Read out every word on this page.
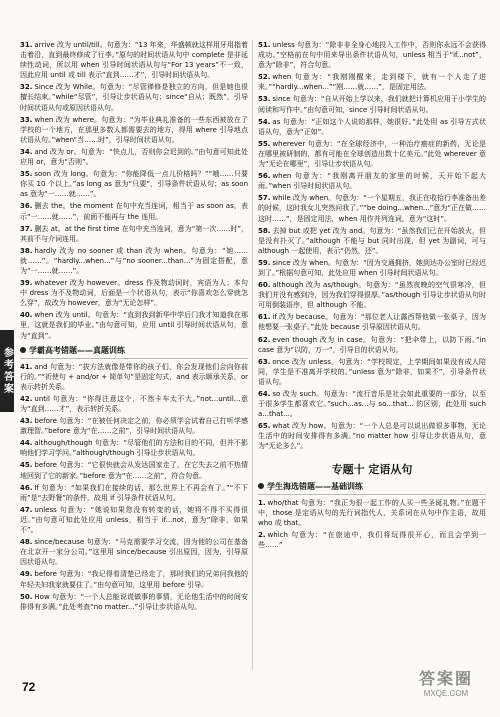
参考答案

31. arrive 改为 until/till。句意为：“13 年来，华盛顿就这样用牙用指着击着沿，直到最终修成了行李。”原句的时间状语从句中 complete 是非延续性动词，所以用 when 引导时间状语从句与“For 13 years”不一致，因此应用 until 或 till 表示“直到……才”，引导时间状语从句。

32. Since 改为 While。句意为：“尽管禅修是独立的方向，但是她也很擅长结束。”while“尽管”，引导让步状语从句；since“自从；既然”，引导时间状语从句或原因状语从句。

33. when 改为 where。句意为：“为毕业典礼准备的一些东西被放在了学校的一个地方，在那里多数人都需要去的地方，得用 where 引导地点状语从句。”when“当……时”，引导时间状语从句。

34. and 改为 or。句意为：“快点儿，否则你会迟到的。”由句意可知此处应用 or，意为“否则”。

35. soon 改为 long。句意为：“你能降低一点儿价格吗？”“哦……只要你买 10 个以上。”as long as 意为“只要”，引导条件状语从句；as soon as 意为“一……就……”。

36. 删去 the。the moment 在句中充当连词，相当于 as soon as，表示“一……就……”，前面不能再与 the 连用。

37. 删去 at。at the first time 在句中充当连词，意为“第一次……时”，其前不与介词连用。

38. hardly 改为 no sooner 或 than 改为 when。句意为：“她……就……”。“hardly...when...”与“no sooner...than...”为固定搭配，意为“一……就……”。

39. whatever 改为 however。dress 作及物动词时，宾语为人；本句中 dress 为不及物动词，后面是一个状语从句，表示“你喜欢怎么穿就怎么穿”，故改为 however，意为“无论怎样”。

40. when 改为 until。句意为：“直到我到新华中学后门我才知道我在那里，这就是我们的毕业。”由句意可知，应用 until 引导时间状语从句，意为“直到”。

学霸高考错题——真题训练

41. and 句意为：“拔方法就像是带你的孩子们，你会发现他们会向你前行的。”“祈使句 + and/or + 简单句”是固定句式，and 表示顺承关系，or 表示转折关系。

42. until 句意为：“你得注意这个，不然卡车太不大。”not...until...意为“直到……才”，表示转折关系。

43. before 句意为：“在被任何决定之前，你必须学会试着自己打听学感激理智。”before 意为“在……之前”，引导时间状语从句。

44. although/though 句意为：“尽管他们的方法和目的不同，但并不影响他们学习学问。”although/though 引导让步状语从句。

45. before 句意为：“它很快就会从发达国家走了，在它失去之前不热情地回到了它的新家。”before 意为“在……之前”，符合句意。

46. If 句意为：“如果我们在接续的话，那么世界上不再会有了。”“不下雨”是“去野餐”的条件，故用 if 引导条件状语从句。

47. unless 句意为：“她说如果您没有转变的话，她将不得不买得很迟。”由句意可知此处应用 unless，相当于 if...not，意为“除非，如果不”。

48. since/because 句意为：“马克需要学习交流，因为他的公司在基备在北京开一家分公司。”这里用 since/because 引出原因，因为，引导原因状语从句。

49. before 句意为：“我记得看清楚已经走了，那时我们的兄弟问我他的年轻夫妇我家就要住了。”由句意可知，这里用 before 引导。

50. How 句意为：“一个人总能说谎做事的事情，无论他生活中的时间安排得有多满。”此处考查“no matter...”引导让步状语从句。

51. unless 句意为：“除非非全身心地投入工作中，否则你永远不会获得成功。”空格前在句中用来导出条件状语从句，unless 相当于“if...not”，意为“除非”，符合句意。

52. when 句意为：“我刚刚醒来，走到楼下，就有一个人走了进来。”“hardly...when...”“刚……就……”，是固定用法。

53. since 句意为：“自从开始上学以来，我们就把计算机应用于小学生的阅读和写作中。”由句意可知，since 引导时间状语从句。

54. as 句意为：“正如这个人说的那样，她很好。”此处用 as 引导方式状语从句，意为“正如”。

55. wherever 句意为：“在全球经济中，一种治疗癌症的新药，无论是在哪里被研制的，都有可能在全球创造出数十亿美元。”此处 wherever 意为“无论在哪里”，引导让步状语从句。

56. when 句意为：“我刚离开朋友的家里的时候，天开始下起大雨。”when 引导时间状语从句。

57. while 改为 when。句意为：“一个星期五，我正在收拾行李准备出差的时候，这时我女儿突然问我了。”“be doing...when...”意为“正在做……这时……”，是固定用法，when 用作并列连词，意为“这时”。

58. 去掉 but 或把 yet 改为 and。句意为：“虽然我们已在开始放火，但是没有扑灭了。”although 不能与 but 同时出现，但 yet 为副词，可与 although 一起使用，表示“仍然，还”。

59. since 改为 when。句意为：“因为交通拥挤，她到达办公室时已经迟到了。”根据句意可知，此处应用 when 引导时间状语从句。

60. although 改为 as/though。句意为：“虽然夜晚的空气很寒冷，但我们并没有感到冷，因为我们穿得很厚。”as/though 引导让步状语从句时可用倒装语序，但 although 不能。

61. if 改为 because。句意为：“那位老人让露西帮他做一张桌子，因为他想要一张桌子。”此处 because 引导原因状语从句。

62. even though 改为 in case。句意为：“把伞带上，以防下雨。”in case 意为“以防，万一”，引导目的状语从句。

63. once 改为 unless。句意为：“学校规定，上学期间如果没有成人陪同，学生是不准离开学校的。”unless 意为“除非，如果不”，引导条件状语从句。

64. so 改为 such。句意为：“流行音乐是社会如此重要的一部分，以至于很多学生都喜欢它。”such...as...与 so...that... 的区别，此处用 such a...that...。

65. what 改为 how。句意为：“一个人总是可以说出做很多事物，无论生活中的时间安排得有多满。”no matter how 引导让步状语从句，意为“无论多么”。

专题十 定语从句
学生海选错题——基础训练

1. who/that 句意为：“我正为很一起工作的人买一些圣诞礼物。”在题干中，those 是定语从句的先行词指代人，关系词在从句中作主语，故用 who 或 that。

2. which 句意为：“在旅途中，我们将玩得很开心，而且会学到一些……”

72	答案圈
MXQE.COM
